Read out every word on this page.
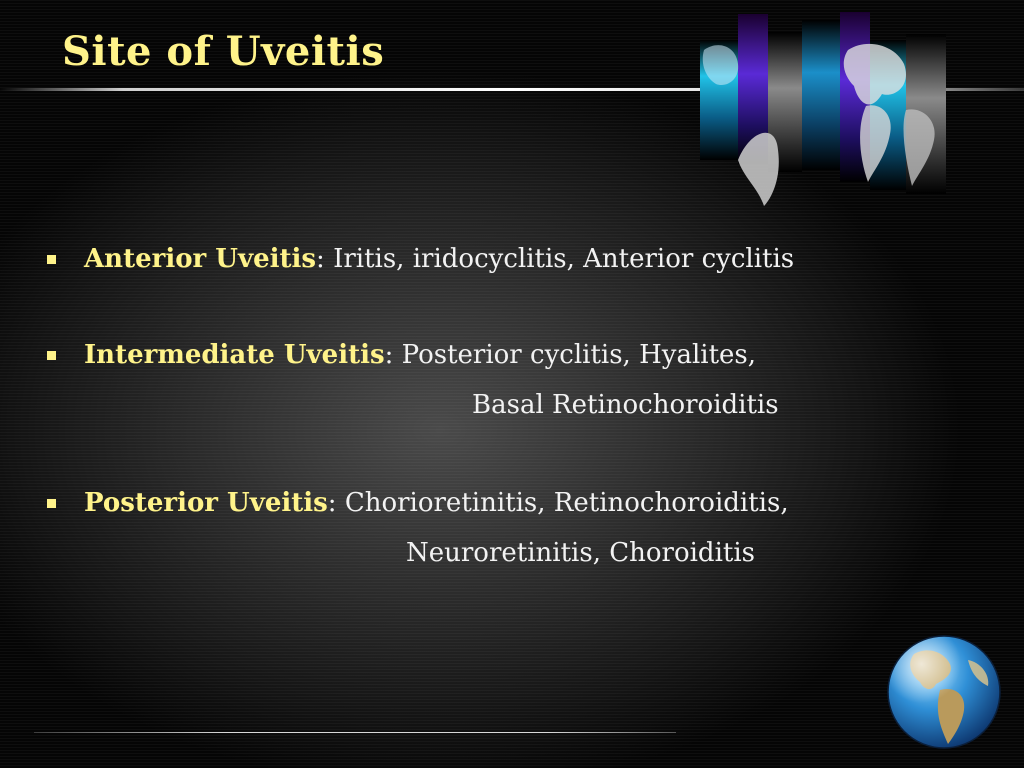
Site of Uveitis
Anterior Uveitis: Iritis, iridocyclitis, Anterior cyclitis
Intermediate Uveitis: Posterior cyclitis, Hyalites,
Basal Retinochoroiditis
Posterior Uveitis: Chorioretinitis, Retinochoroiditis,
Neuroretinitis, Choroiditis
